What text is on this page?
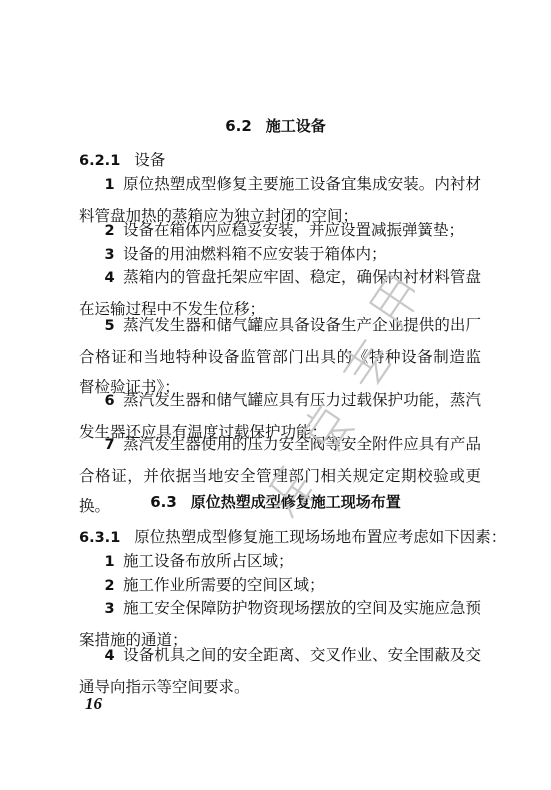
6.2 施工设备
6.2.1 设备
1 原位热塑成型修复主要施工设备宜集成安装。内衬材料管盘加热的蒸箱应为独立封闭的空间；
2 设备在箱体内应稳妥安装，并应设置减振弹簧垫；
3 设备的用油燃料箱不应安装于箱体内；
4 蒸箱内的管盘托架应牢固、稳定，确保内衬材料管盘在运输过程中不发生位移；
5 蒸汽发生器和储气罐应具备设备生产企业提供的出厂合格证和当地特种设备监管部门出具的《特种设备制造监督检验证书》；
6 蒸汽发生器和储气罐应具有压力过载保护功能，蒸汽发生器还应具有温度过载保护功能；
7 蒸汽发生器使用的压力安全阀等安全附件应具有产品合格证，并依据当地安全管理部门相关规定定期校验或更换。	6.3 原位热塑成型修复施工现场布置
6.3.1 原位热塑成型修复施工现场场地布置应考虑如下因素：
1 施工设备布放所占区域；
2 施工作业所需要的空间区域；
3 施工安全保障防护物资现场摆放的空间及实施应急预案措施的通道；
4 设备机具之间的安全距离、交叉作业、安全围蔽及交通导向指示等空间要求。
16
